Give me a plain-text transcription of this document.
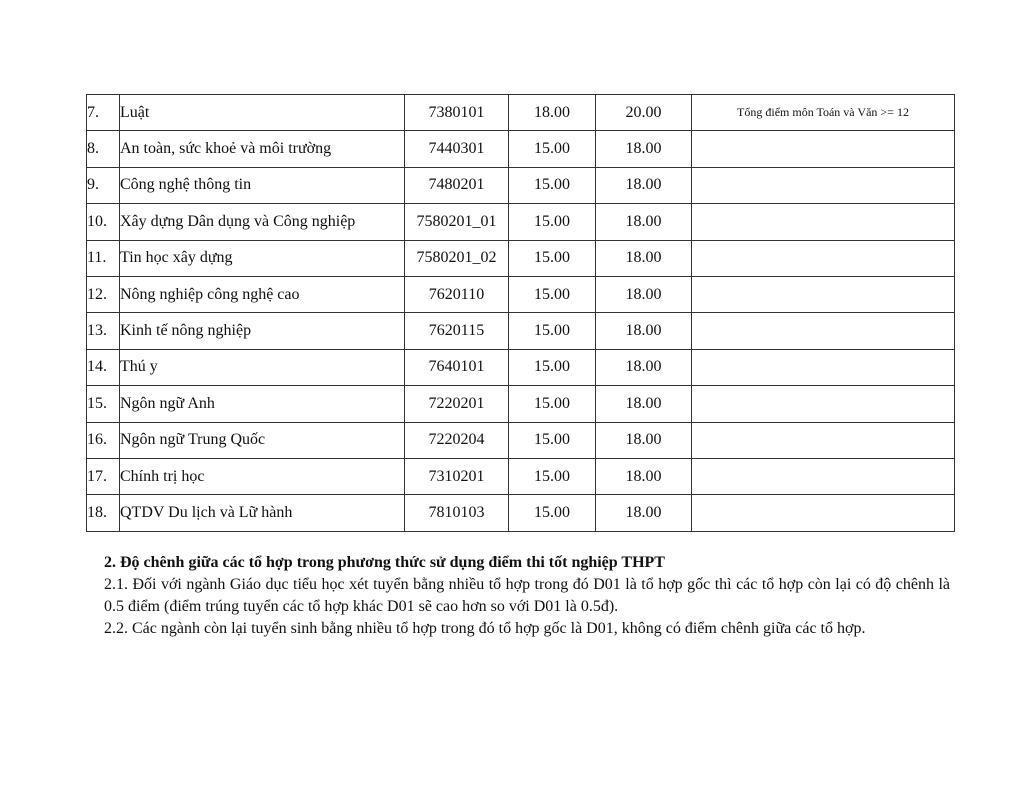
7.	Luật	7380101	18.00	20.00	Tổng điểm môn Toán và Văn >= 12
8.	An toàn, sức khoẻ và môi trường	7440301	15.00	18.00	
9.	Công nghệ thông tin	7480201	15.00	18.00	
10.	Xây dựng Dân dụng và Công nghiệp	7580201_01	15.00	18.00	
11.	Tin học xây dựng	7580201_02	15.00	18.00	
12.	Nông nghiệp công nghệ cao	7620110	15.00	18.00	
13.	Kinh tế nông nghiệp	7620115	15.00	18.00	
14.	Thú y	7640101	15.00	18.00	
15.	Ngôn ngữ Anh	7220201	15.00	18.00	
16.	Ngôn ngữ Trung Quốc	7220204	15.00	18.00	
17.	Chính trị học	7310201	15.00	18.00	
18.	QTDV Du lịch và Lữ hành	7810103	15.00	18.00	

2. Độ chênh giữa các tổ hợp trong phương thức sử dụng điểm thi tốt nghiệp THPT

2.1. Đối với ngành Giáo dục tiểu học xét tuyển bằng nhiều tổ hợp trong đó D01 là tổ hợp gốc thì các tổ hợp còn lại có độ chênh là 0.5 điểm (điểm trúng tuyển các tổ hợp khác D01 sẽ cao hơn so với D01 là 0.5đ).

2.2. Các ngành còn lại tuyển sinh bằng nhiều tổ hợp trong đó tổ hợp gốc là D01, không có điểm chênh giữa các tổ hợp.
